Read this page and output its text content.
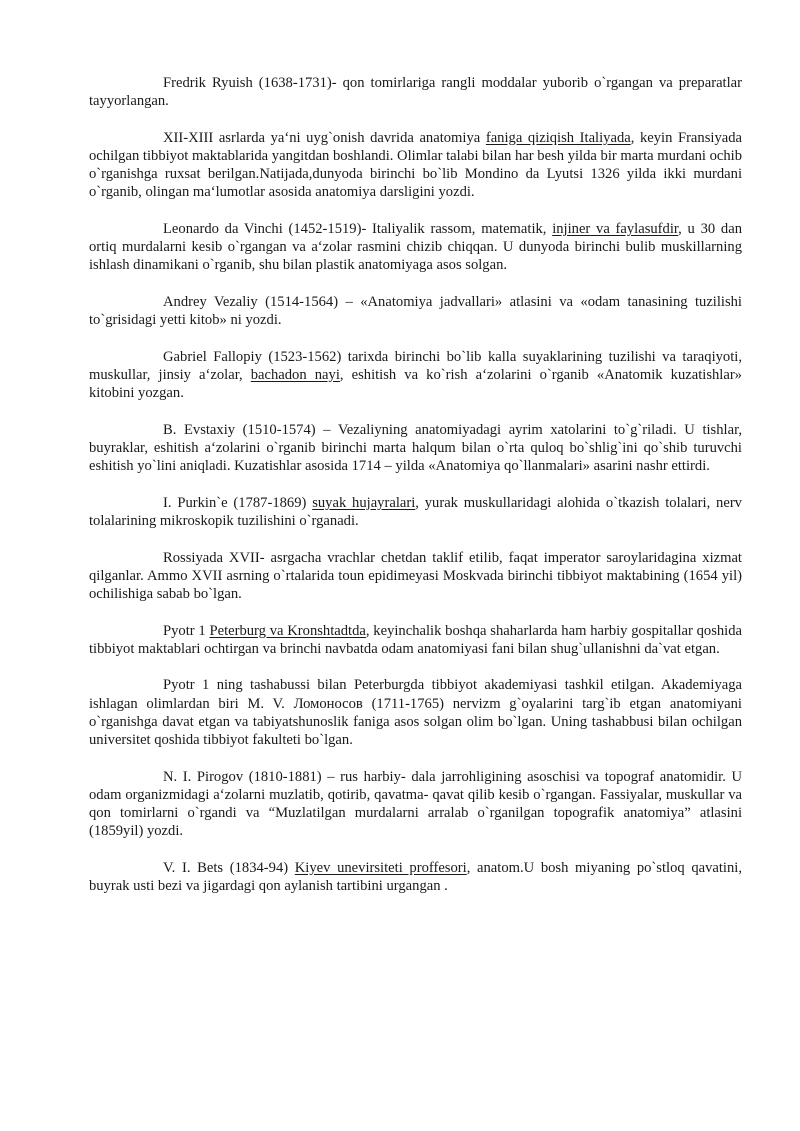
Fredrik Ryuish (1638-1731)- qon tomirlariga rangli moddalar yuborib o`rgangan va preparatlar tayyorlangan.

XII-XIII asrlarda ya‘ni uyg`onish davrida anatomiya faniga qiziqish Italiyada, keyin Fransiyada ochilgan tibbiyot maktablarida yangitdan boshlandi. Olimlar talabi bilan har besh yilda bir marta murdani ochib o`rganishga ruxsat berilgan.Natijada,dunyoda birinchi bo`lib Mondino da Lyutsi 1326 yilda ikki murdani o`rganib, olingan ma‘lumotlar asosida anatomiya darsligini yozdi.

Leonardo da Vinchi (1452-1519)- Italiyalik rassom, matematik, injiner va faylasufdir, u 30 dan ortiq murdalarni kesib o`rgangan va a‘zolar rasmini chizib chiqqan. U dunyoda birinchi bulib muskillarning ishlash dinamikani o`rganib, shu bilan plastik anatomiyaga asos solgan.

Andrey Vezaliy (1514-1564) – «Anatomiya jadvallari» atlasini va «odam tanasining tuzilishi to`grisidagi yetti kitob» ni yozdi.

Gabriel Fallopiy (1523-1562) tarixda birinchi bo`lib kalla suyaklarining tuzilishi va taraqiyoti, muskullar, jinsiy a‘zolar, bachadon nayi, eshitish va ko`rish a‘zolarini o`rganib «Anatomik kuzatishlar» kitobini yozgan.

B. Evstaxiy (1510-1574) – Vezaliyning anatomiyadagi ayrim xatolarini to`g`riladi. U tishlar, buyraklar, eshitish a‘zolarini o`rganib birinchi marta halqum bilan o`rta quloq bo`shlig`ini qo`shib turuvchi eshitish yo`lini aniqladi. Kuzatishlar asosida 1714 – yilda «Anatomiya qo`llanmalari» asarini nashr ettirdi.

I. Purkin`e (1787-1869) suyak hujayralari, yurak muskullaridagi alohida o`tkazish tolalari, nerv tolalarining mikroskopik tuzilishini o`rganadi.

Rossiyada XVII- asrgacha vrachlar chetdan taklif etilib, faqat imperator saroylaridagina xizmat qilganlar. Ammo XVII asrning o`rtalarida toun epidimeyasi Moskvada birinchi tibbiyot maktabining (1654 yil) ochilishiga sabab bo`lgan.

Pyotr 1 Peterburg va Kronshtadtda, keyinchalik boshqa shaharlarda ham harbiy gospitallar qoshida tibbiyot maktablari ochtirgan va brinchi navbatda odam anatomiyasi fani bilan shug`ullanishni da`vat etgan.

Pyotr 1 ning tashabussi bilan Peterburgda tibbiyot akademiyasi tashkil etilgan. Akademiyaga ishlagan olimlardan biri M. V. Ломоносов (1711-1765) nervizm g`oyalarini targ`ib etgan anatomiyani o`rganishga davat etgan va tabiyatshunoslik faniga asos solgan olim bo`lgan. Uning tashabbusi bilan ochilgan universitet qoshida tibbiyot fakulteti bo`lgan.

N. I. Pirogov (1810-1881) – rus harbiy- dala jarrohligining asoschisi va topograf anatomidir. U odam organizmidagi a‘zolarni muzlatib, qotirib, qavatma- qavat qilib kesib o`rgangan. Fassiyalar, muskullar va qon tomirlarni o`rgandi va “Muzlatilgan murdalarni arralab o`rganilgan topografik anatomiya” atlasini (1859yil) yozdi.

V. I. Bets (1834-94) Kiyev unevirsiteti proffesori, anatom.U bosh miyaning po`stloq qavatini, buyrak usti bezi va jigardagi qon aylanish tartibini urgangan .
